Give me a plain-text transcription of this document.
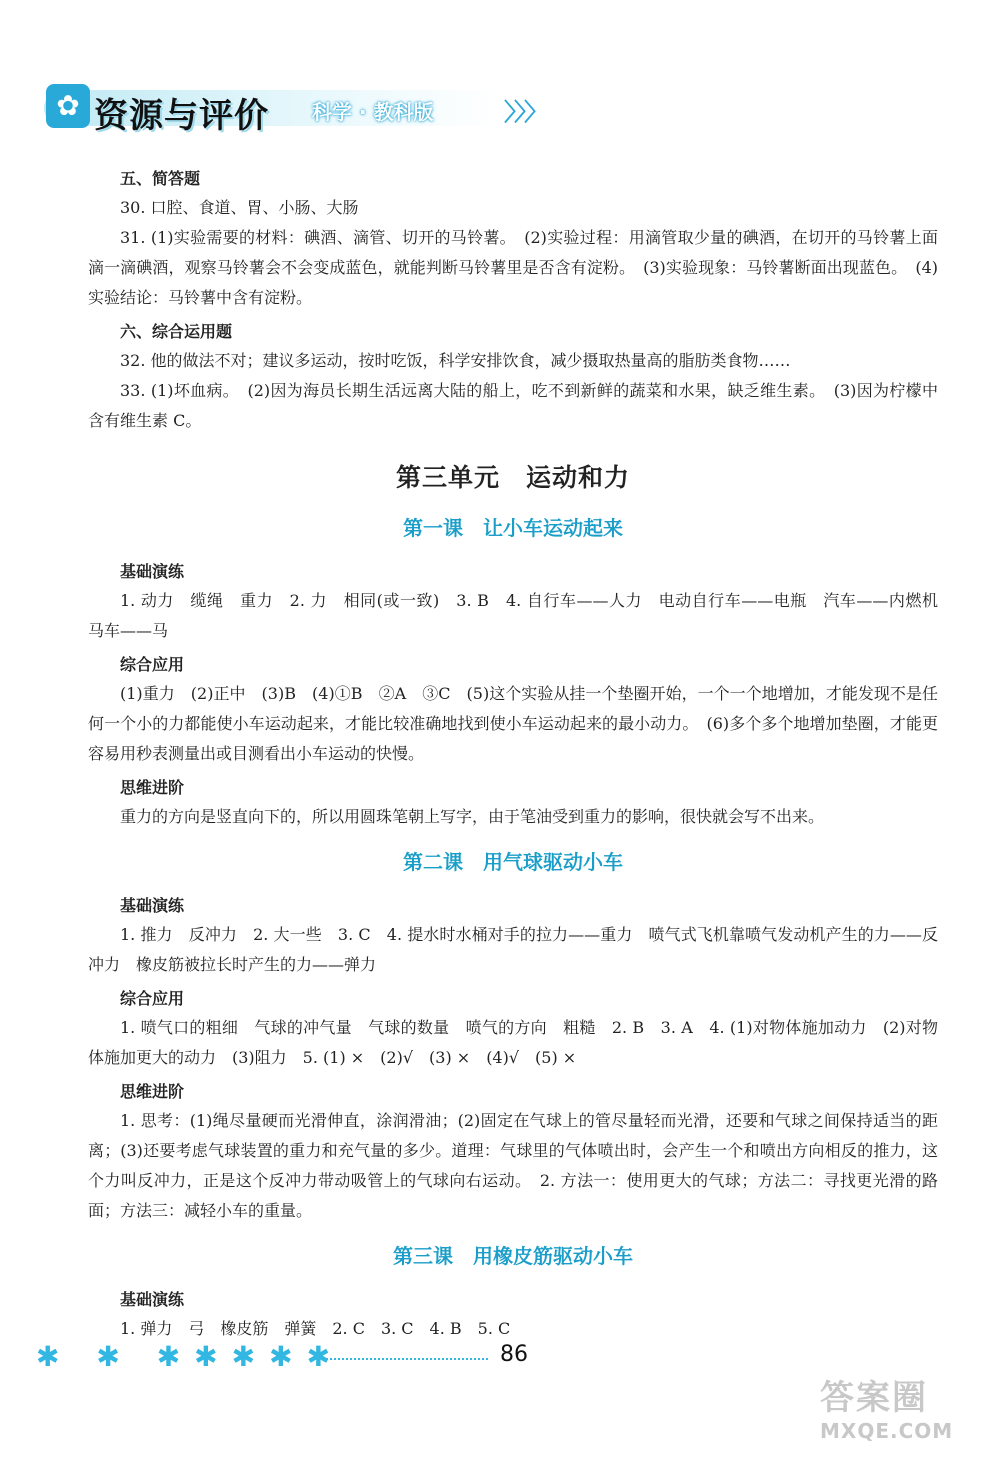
✿ 资源与评价 科学 · 教科版	〉〉〉
五、简答题

30. 口腔、食道、胃、小肠、大肠

31. (1)实验需要的材料：碘酒、滴管、切开的马铃薯。　(2)实验过程：用滴管取少量的碘酒，在切开的马铃薯上面滴一滴碘酒，观察马铃薯会不会变成蓝色，就能判断马铃薯里是否含有淀粉。　(3)实验现象：马铃薯断面出现蓝色。　(4)实验结论：马铃薯中含有淀粉。

六、综合运用题

32. 他的做法不对；建议多运动，按时吃饭，科学安排饮食，减少摄取热量高的脂肪类食物……

33. (1)坏血病。　(2)因为海员长期生活远离大陆的船上，吃不到新鲜的蔬菜和水果，缺乏维生素。　(3)因为柠檬中含有维生素 C。

第三单元　运动和力
第一课　让小车运动起来
基础演练

1. 动力　缆绳　重力　2. 力　相同(或一致)　3. B　4. 自行车——人力　电动自行车——电瓶　汽车——内燃机　马车——马

综合应用

(1)重力　(2)正中　(3)B　(4)①B　②A　③C　(5)这个实验从挂一个垫圈开始，一个一个地增加，才能发现不是任何一个小的力都能使小车运动起来，才能比较准确地找到使小车运动起来的最小动力。　(6)多个多个地增加垫圈，才能更容易用秒表测量出或目测看出小车运动的快慢。

思维进阶

重力的方向是竖直向下的，所以用圆珠笔朝上写字，由于笔油受到重力的影响，很快就会写不出来。

第二课　用气球驱动小车
基础演练

1. 推力　反冲力　2. 大一些　3. C　4. 提水时水桶对手的拉力——重力　喷气式飞机靠喷气发动机产生的力——反冲力　橡皮筋被拉长时产生的力——弹力

综合应用

1. 喷气口的粗细　气球的冲气量　气球的数量　喷气的方向　粗糙　2. B　3. A　4. (1)对物体施加动力　(2)对物体施加更大的动力　(3)阻力　5. (1) ×　(2)√　(3) ×　(4)√　(5) ×

思维进阶

1. 思考：(1)绳尽量硬而光滑伸直，涂润滑油；(2)固定在气球上的管尽量轻而光滑，还要和气球之间保持适当的距离；(3)还要考虑气球装置的重力和充气量的多少。道理：气球里的气体喷出时，会产生一个和喷出方向相反的推力，这个力叫反冲力，正是这个反冲力带动吸管上的气球向右运动。　2. 方法一：使用更大的气球；方法二：寻找更光滑的路面；方法三：减轻小车的重量。

第三课　用橡皮筋驱动小车
基础演练

1. 弹力　弓　橡皮筋　弹簧　2. C　3. C　4. B　5. C

✱ ✱ ✱✱✱✱✱	86
答案圈
MXQE.COM
